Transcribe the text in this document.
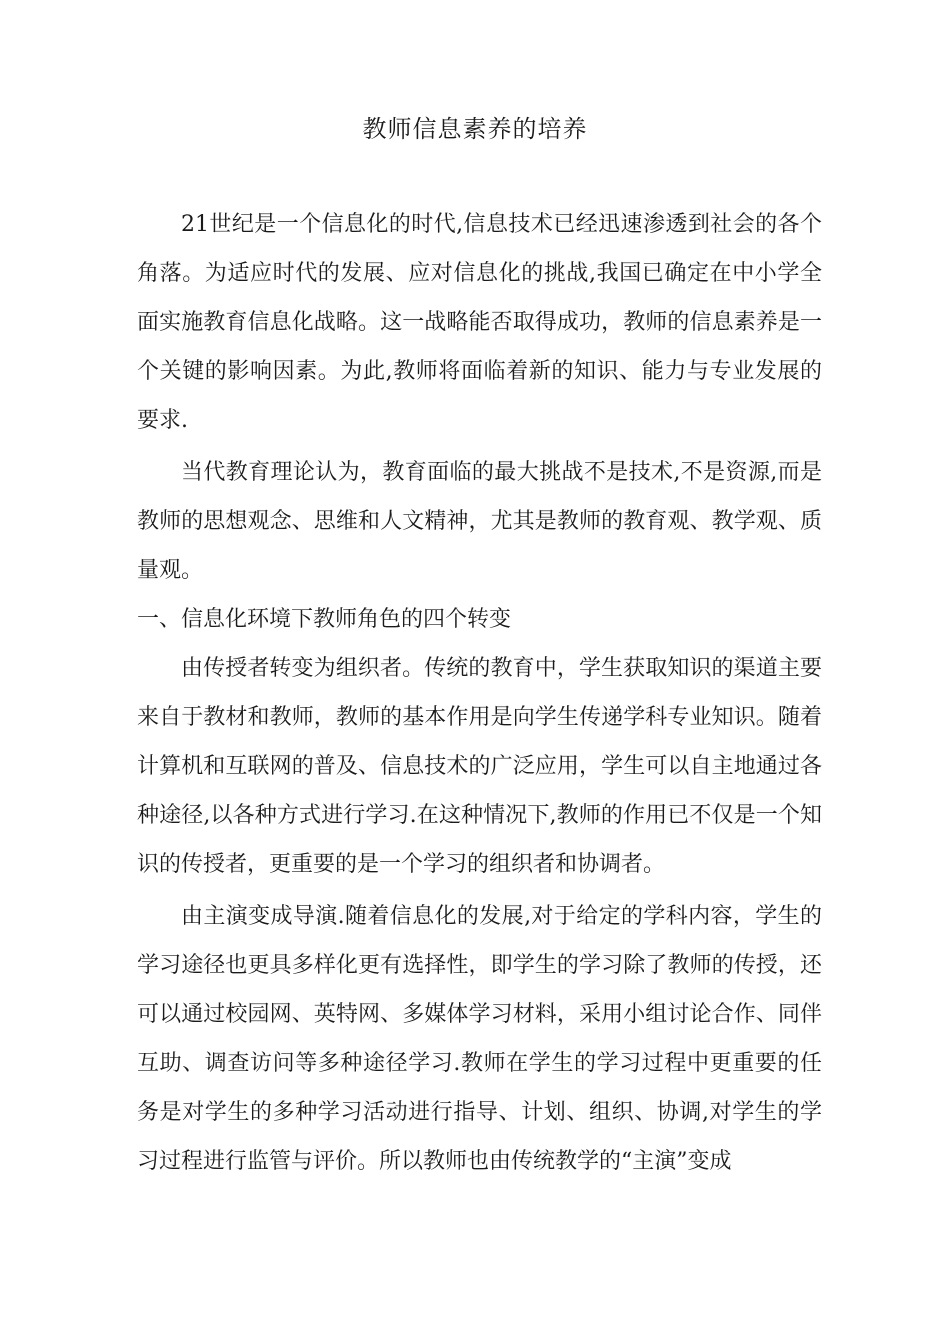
教师信息素养的培养

21世纪是一个信息化的时代,信息技术已经迅速渗透到社会的各个角落。为适应时代的发展、应对信息化的挑战,我国已确定在中小学全面实施教育信息化战略。这一战略能否取得成功，教师的信息素养是一个关键的影响因素。为此,教师将面临着新的知识、能力与专业发展的要求.

当代教育理论认为，教育面临的最大挑战不是技术,不是资源,而是教师的思想观念、思维和人文精神，尤其是教师的教育观、教学观、质量观。

一、信息化环境下教师角色的四个转变

由传授者转变为组织者。传统的教育中，学生获取知识的渠道主要来自于教材和教师，教师的基本作用是向学生传递学科专业知识。随着计算机和互联网的普及、信息技术的广泛应用，学生可以自主地通过各种途径,以各种方式进行学习.在这种情况下,教师的作用已不仅是一个知识的传授者，更重要的是一个学习的组织者和协调者。

由主演变成导演.随着信息化的发展,对于给定的学科内容，学生的学习途径也更具多样化更有选择性，即学生的学习除了教师的传授，还可以通过校园网、英特网、多媒体学习材料，采用小组讨论合作、同伴互助、调查访问等多种途径学习.教师在学生的学习过程中更重要的任务是对学生的多种学习活动进行指导、计划、组织、协调,对学生的学习过程进行监管与评价。所以教师也由传统教学的“主演”变成
